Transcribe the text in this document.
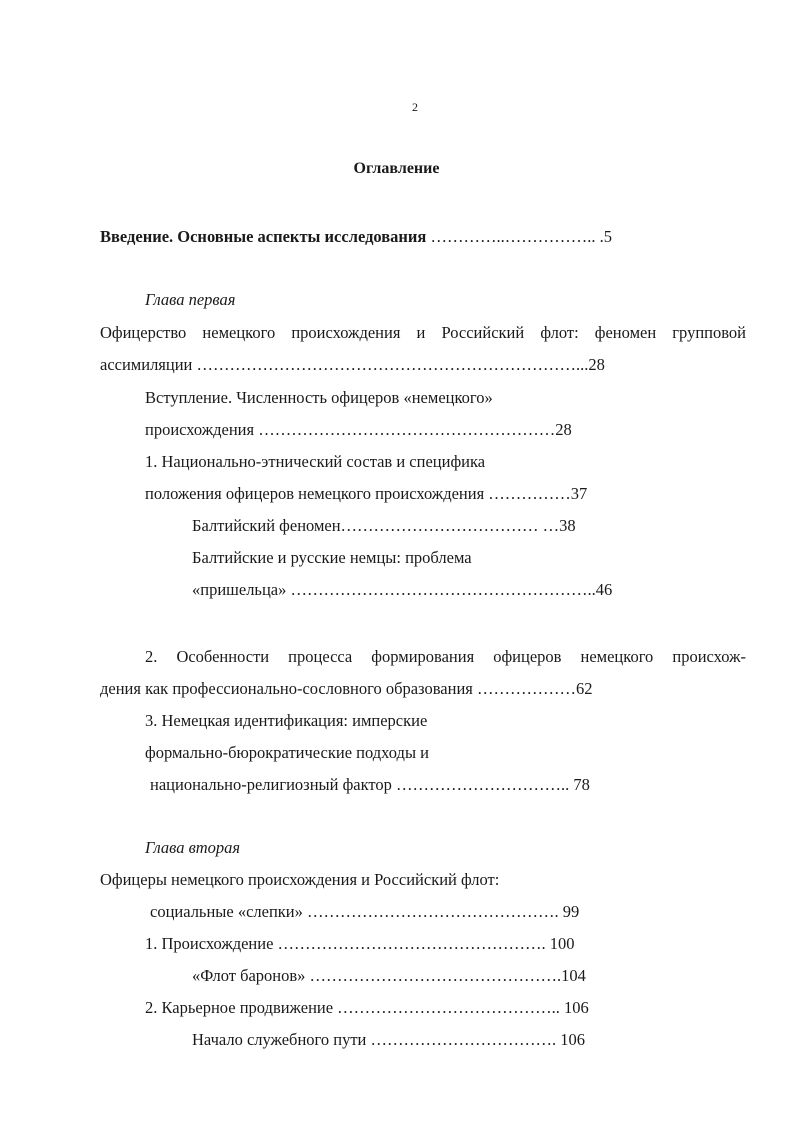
2
Оглавление
Введение. Основные аспекты исследования …………..…………….. .5
Глава первая
Офицерство немецкого происхождения и Российский флот: феномен групповой
ассимиляции ……………………………………………………………...28
Вступление. Численность офицеров «немецкого»
происхождения ………………………………………………28
1. Национально-этнический состав и специфика
положения офицеров немецкого происхождения ……………37
Балтийский феномен……………………………… …38
Балтийские и русские немцы: проблема
«пришельца» ………………………………………………..46
2. Особенности процесса формирования офицеров немецкого происхож-
дения как профессионально-сословного образования ………………62
3. Немецкая идентификация: имперские
формально-бюрократические подходы и
национально-религиозный фактор ………………………….. 78
Глава вторая
Офицеры немецкого происхождения и Российский флот:
социальные «слепки» ………………………………………. 99
1. Происхождение …………………………………………. 100
«Флот баронов» ……………………………………….104
2. Карьерное продвижение ………………………………….. 106
Начало служебного пути ……………………………. 106
